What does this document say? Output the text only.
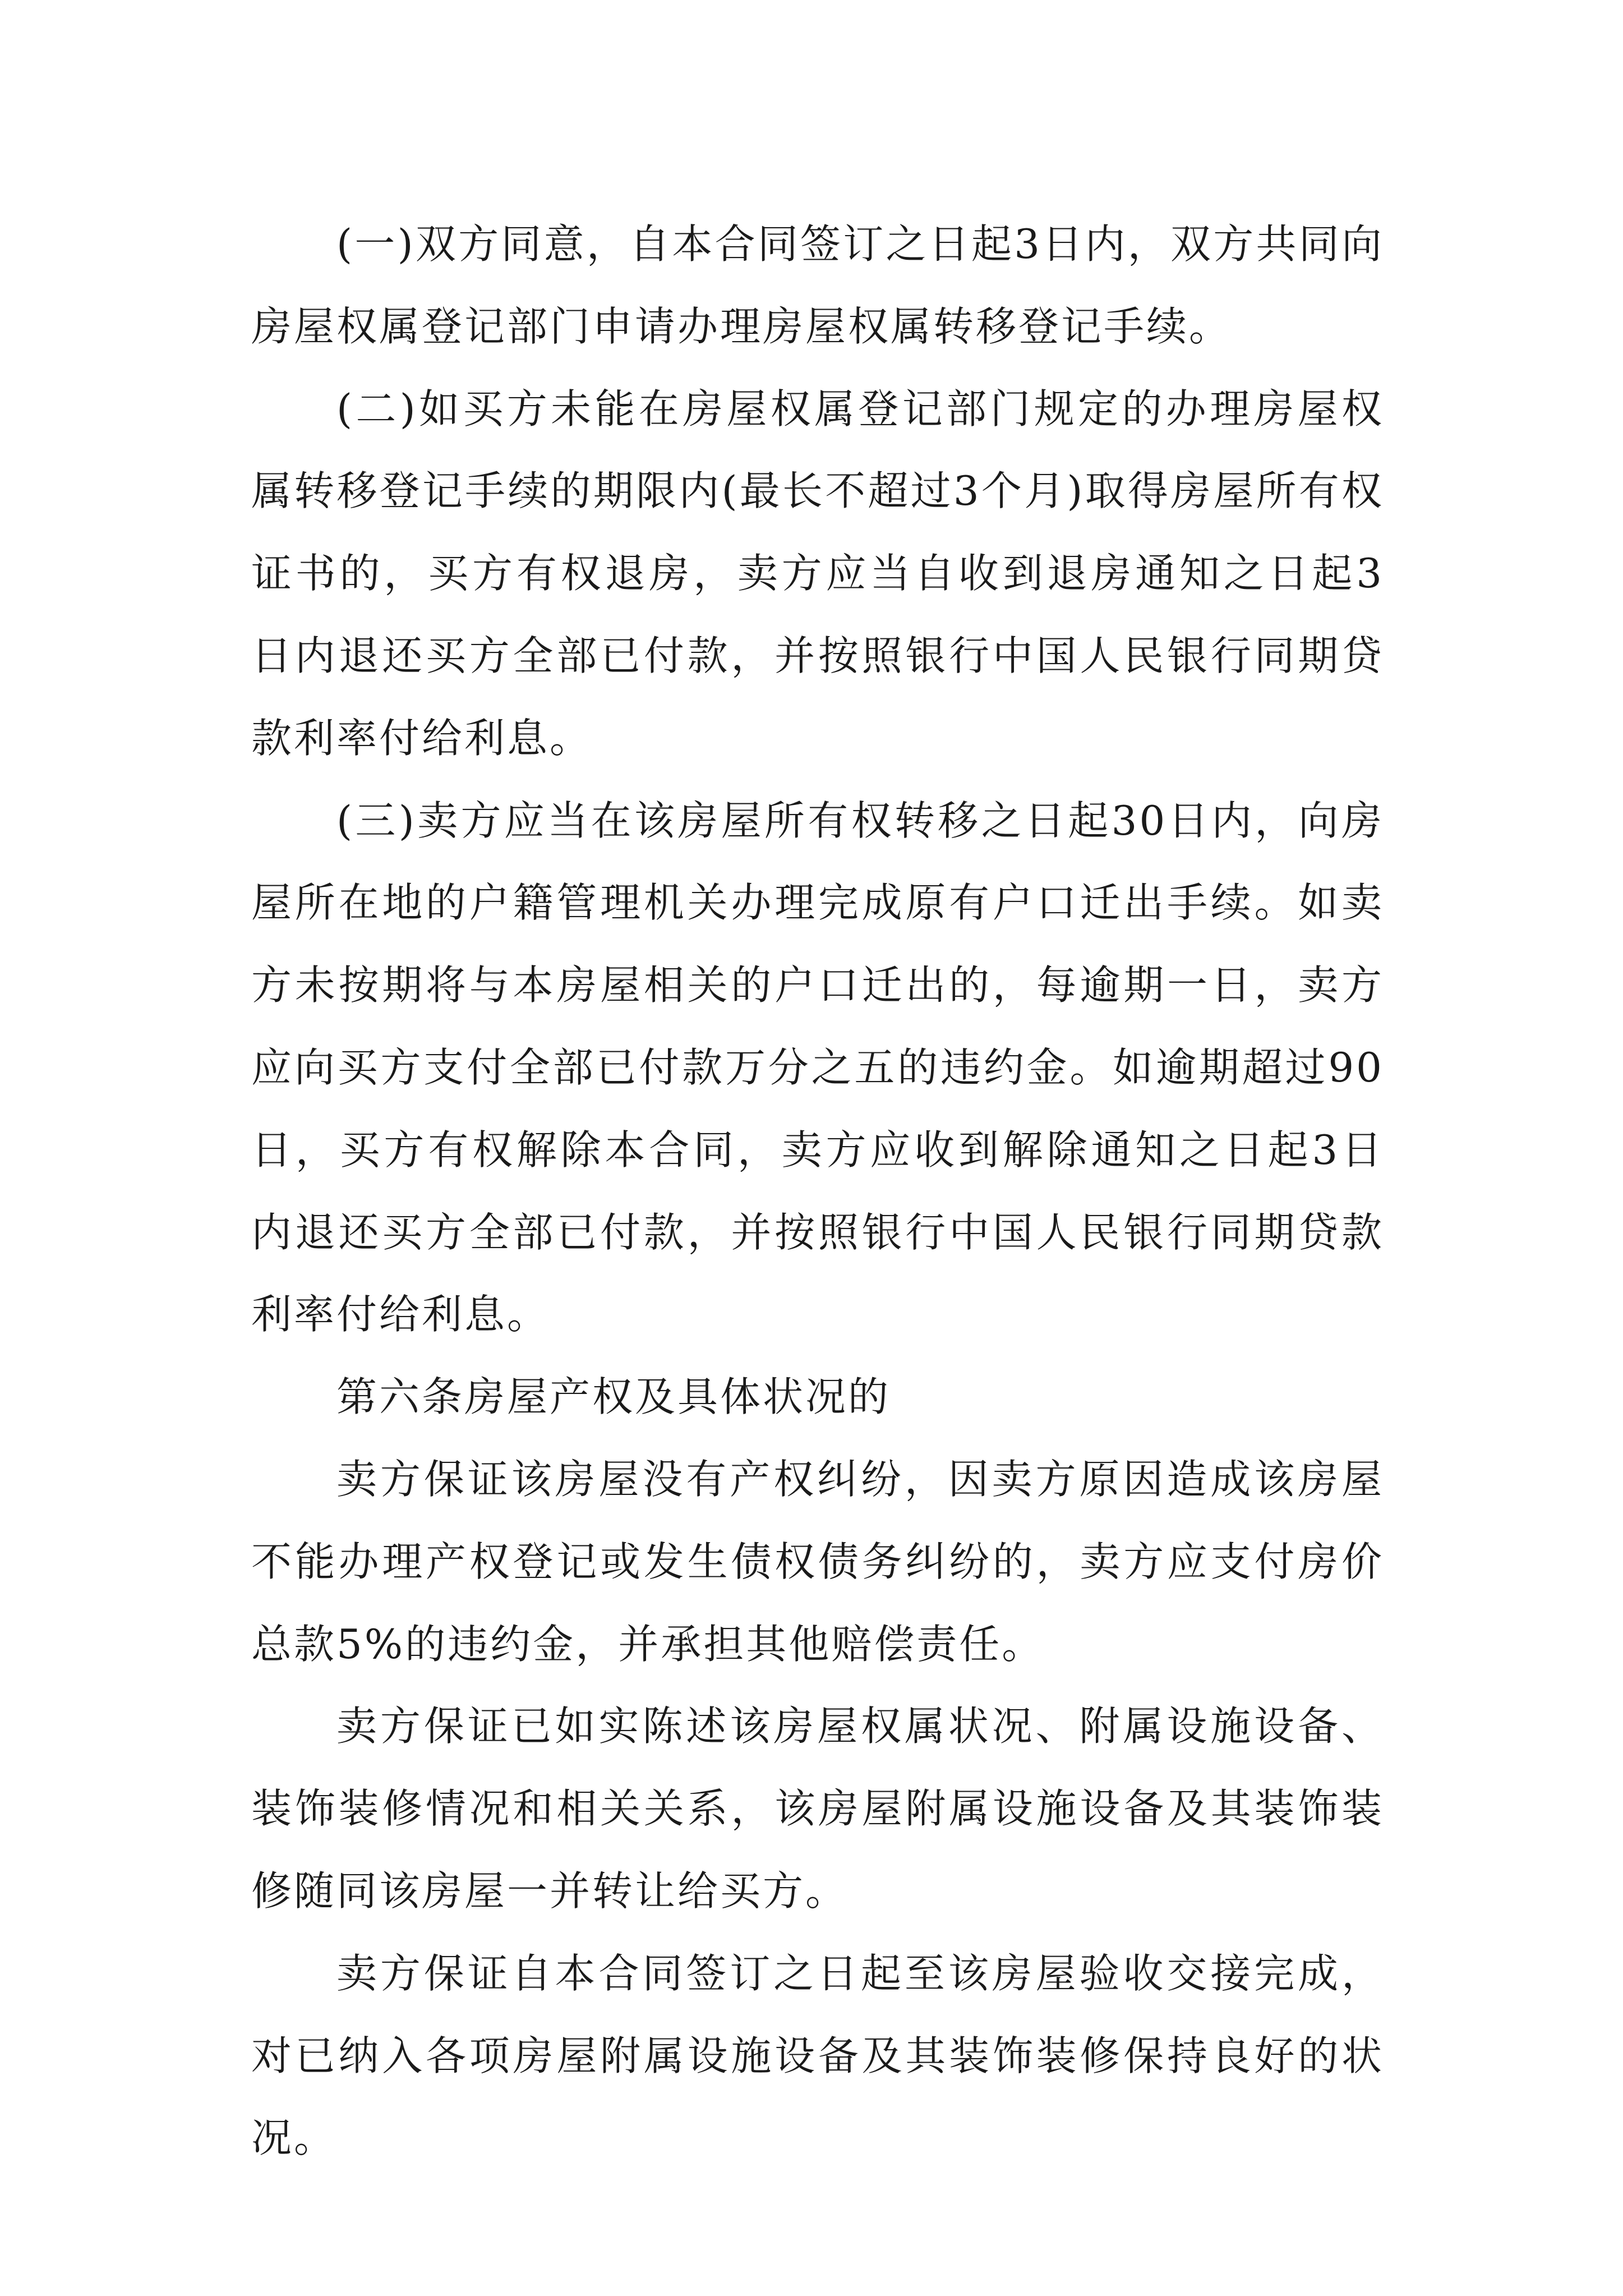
(一)双方同意，自本合同签订之日起3日内，双方共同向房屋权属登记部门申请办理房屋权属转移登记手续。

(二)如买方未能在房屋权属登记部门规定的办理房屋权属转移登记手续的期限内(最长不超过3个月)取得房屋所有权证书的，买方有权退房，卖方应当自收到退房通知之日起3日内退还买方全部已付款，并按照银行中国人民银行同期贷款利率付给利息。

(三)卖方应当在该房屋所有权转移之日起30日内，向房屋所在地的户籍管理机关办理完成原有户口迁出手续。如卖方未按期将与本房屋相关的户口迁出的，每逾期一日，卖方应向买方支付全部已付款万分之五的违约金。如逾期超过90日，买方有权解除本合同，卖方应收到解除通知之日起3日内退还买方全部已付款，并按照银行中国人民银行同期贷款利率付给利息。

第六条房屋产权及具体状况的

卖方保证该房屋没有产权纠纷，因卖方原因造成该房屋不能办理产权登记或发生债权债务纠纷的，卖方应支付房价总款5%的违约金，并承担其他赔偿责任。

卖方保证已如实陈述该房屋权属状况、附属设施设备、装饰装修情况和相关关系，该房屋附属设施设备及其装饰装修随同该房屋一并转让给买方。

卖方保证自本合同签订之日起至该房屋验收交接完成，对已纳入各项房屋附属设施设备及其装饰装修保持良好的状况。
